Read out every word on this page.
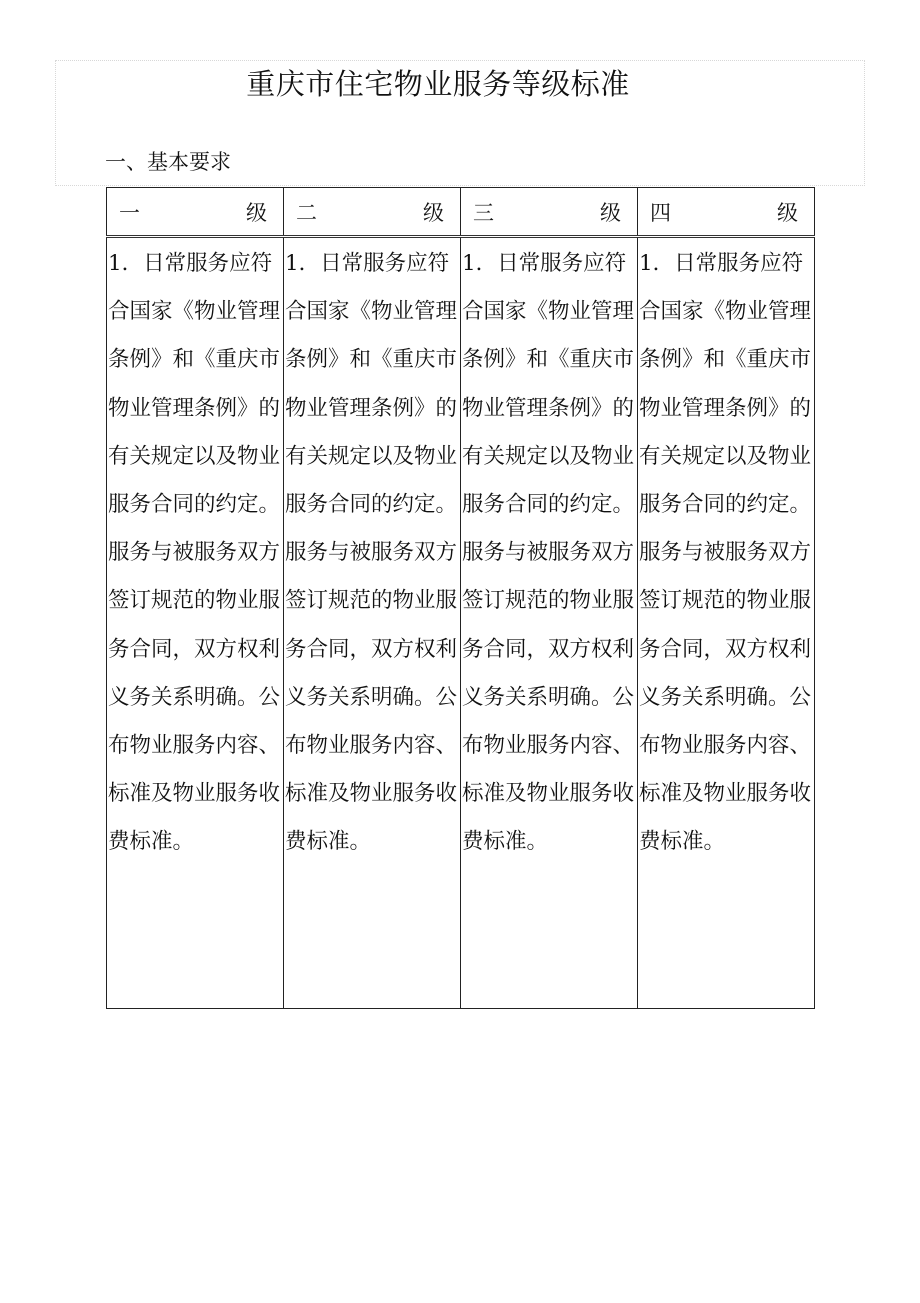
重庆市住宅物业服务等级标准
一、基本要求
一 级	二 级	三 级	四 级

1．日常服务应符合国家《物业管理条例》和《重庆市物业管理条例》的有关规定以及物业服务合同的约定。服务与被服务双方签订规范的物业服务合同，双方权利义务关系明确。公布物业服务内容、标准及物业服务收费标准。	1．日常服务应符合国家《物业管理条例》和《重庆市物业管理条例》的有关规定以及物业服务合同的约定。服务与被服务双方签订规范的物业服务合同，双方权利义务关系明确。公布物业服务内容、标准及物业服务收费标准。	1．日常服务应符合国家《物业管理条例》和《重庆市物业管理条例》的有关规定以及物业服务合同的约定。服务与被服务双方签订规范的物业服务合同，双方权利义务关系明确。公布物业服务内容、标准及物业服务收费标准。	1．日常服务应符合国家《物业管理条例》和《重庆市物业管理条例》的有关规定以及物业服务合同的约定。服务与被服务双方签订规范的物业服务合同，双方权利义务关系明确。公布物业服务内容、标准及物业服务收费标准。
